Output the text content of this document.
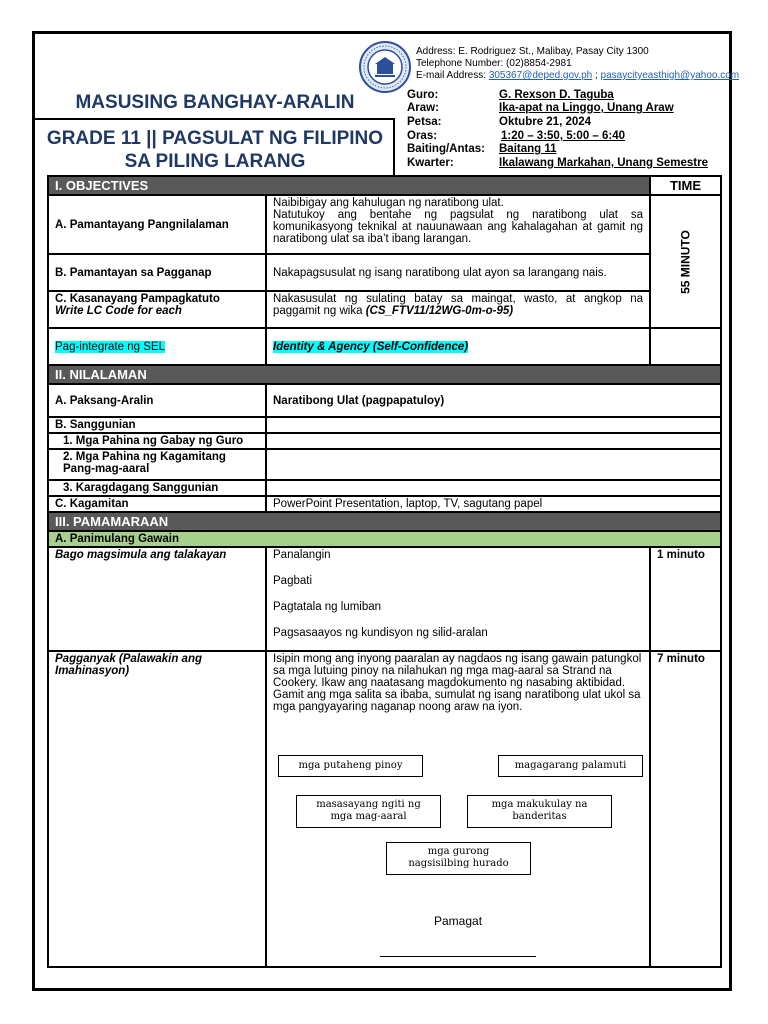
MASUSING BANGHAY-ARALIN
GRADE 11 || PAGSULAT NG FILIPINO SA PILING LARANG
Address: E. Rodriguez St., Malibay, Pasay City 1300
Telephone Number: (02)8854-2981
E-mail Address: 305367@deped.gov.ph ; pasaycityeasthigh@yahoo.com
Guro:	G. Rexson D. Taguba
Araw:	Ika-apat na Linggo, Unang Araw
Petsa:	Oktubre 21, 2024
Oras:	1:20 – 3:50, 5:00 – 6:40
Baiting/Antas: Baitang 11
Kwarter:	Ikalawang Markahan, Unang Semestre
I. OBJECTIVES		TIME
A. Pamantayang Pangnilalaman	Naibibigay ang kahulugan ng naratibong ulat.
Natutukoy ang bentahe ng pagsulat ng naratibong ulat sa komunikasyong teknikal at nauunawaan ang kahalagahan at gamit ng naratibong ulat sa iba’t ibang larangan.	55 MINUTO

B. Pamantayan sa Pagganap	Nakapagsusulat ng isang naratibong ulat ayon sa larangang nais.	

C. Kasanayang Pampagkatuto
Write LC Code for each	Nakasusulat ng sulating batay sa maingat, wasto, at angkop na paggamit ng wika (CS_FTV11/12WG-0m-o-95)	
Pag-integrate ng SEL	Identity & Agency (Self-Confidence)	
II. NILALAMAN		
A. Paksang-Aralin	Naratibong Ulat (pagpapatuloy)	
B. Sanggunian		
1. Mga Pahina ng Gabay ng Guro		
2. Mga Pahina ng Kagamitang Pang-mag-aaral		
3. Karagdagang Sanggunian		
C. Kagamitan	PowerPoint Presentation, laptop, TV, sagutang papel	
III. PAMAMARAAN		
A. Panimulang Gawain		
Bago magsimula ang talakayan	Panalangin
Pagbati
Pagtatala ng lumiban
Pagsasaayos ng kundisyon ng silid-aralan	1 minuto
Pagganyak (Palawakin ang Imahinasyon)	Isipin mong ang inyong paaralan ay nagdaos ng isang gawain patungkol sa mga lutuing pinoy na nilahukan ng mga mag-aaral sa Strand na Cookery. Ikaw ang naatasang magdokumento ng nasabing aktibidad. Gamit ang mga salita sa ibaba, sumulat ng isang naratibong ulat ukol sa mga pangyayaring naganap noong araw na iyon.	7 minuto
mga putaheng pinoy	magagarang palamuti
masasayang ngiti ng mga mag-aaral
mga makukulay na banderitas
mga gurong nagsisilbing hurado
Pamagat
